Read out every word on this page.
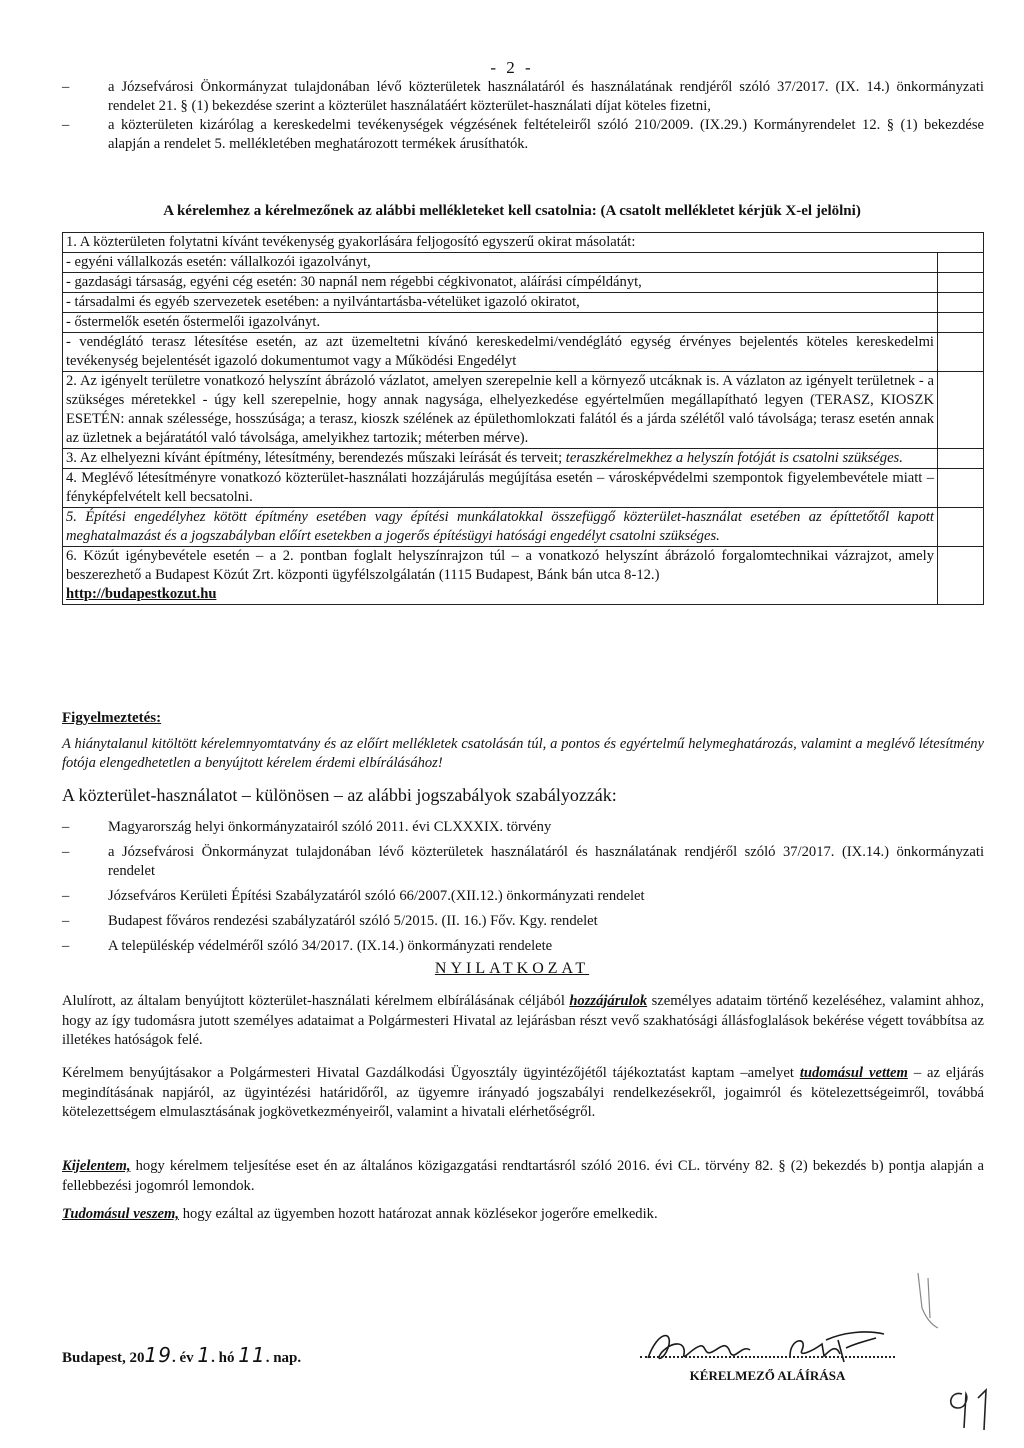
- 2 -
–	a Józsefvárosi Önkormányzat tulajdonában lévő közterületek használatáról és használatának rendjéről szóló 37/2017. (IX. 14.) önkormányzati rendelet 21. § (1) bekezdése szerint a közterület használatáért közterület-használati díjat köteles fizetni,
–	a közterületen kizárólag a kereskedelmi tevékenységek végzésének feltételeiről szóló 210/2009. (IX.29.) Kormányrendelet 12. § (1) bekezdése alapján a rendelet 5. mellékletében meghatározott termékek árusíthatók.
A kérelemhez a kérelmezőnek az alábbi mellékleteket kell csatolnia: (A csatolt mellékletet kérjük X-el jelölni)
1. A közterületen folytatni kívánt tevékenység gyakorlására feljogosító egyszerű okirat másolatát:	
- egyéni vállalkozás esetén: vállalkozói igazolványt,	
- gazdasági társaság, egyéni cég esetén: 30 napnál nem régebbi cégkivonatot, aláírási címpéldányt,	
- társadalmi és egyéb szervezetek esetében: a nyilvántartásba-vételüket igazoló okiratot,	
- őstermelők esetén őstermelői igazolványt.	
- vendéglátó terasz létesítése esetén, az azt üzemeltetni kívánó kereskedelmi/vendéglátó egység érvényes bejelentés köteles kereskedelmi tevékenység bejelentését igazoló dokumentumot vagy a Működési Engedélyt	
2. Az igényelt területre vonatkozó helyszínt ábrázoló vázlatot, amelyen szerepelnie kell a környező utcáknak is. A vázlaton az igényelt területnek - a szükséges méretekkel - úgy kell szerepelnie, hogy annak nagysága, elhelyezkedése egyértelműen megállapítható legyen (TERASZ, KIOSZK ESETÉN: annak szélessége, hosszúsága; a terasz, kioszk szélének az épülethomlokzati falától és a járda szélétől való távolsága; terasz esetén annak az üzletnek a bejáratától való távolsága, amelyikhez tartozik; méterben mérve).	
3. Az elhelyezni kívánt építmény, létesítmény, berendezés műszaki leírását és terveit; teraszkérelmekhez a helyszín fotóját is csatolni szükséges.	
4. Meglévő létesítményre vonatkozó közterület-használati hozzájárulás megújítása esetén – városképvédelmi szempontok figyelembevétele miatt – fényképfelvételt kell becsatolni.	
5. Építési engedélyhez kötött építmény esetében vagy építési munkálatokkal összefüggő közterület-használat esetében az építtetőtől kapott meghatalmazást és a jogszabályban előírt esetekben a jogerős építésügyi hatósági engedélyt csatolni szükséges.	
6. Közút igénybevétele esetén – a 2. pontban foglalt helyszínrajzon túl – a vonatkozó helyszínt ábrázoló forgalomtechnikai vázrajzot, amely beszerezhető a Budapest Közút Zrt. központi ügyfélszolgálatán (1115 Budapest, Bánk bán utca 8-12.)
http://budapestkozut.hu	
Figyelmeztetés:
A hiánytalanul kitöltött kérelemnyomtatvány és az előírt mellékletek csatolásán túl, a pontos és egyértelmű helymeghatározás, valamint a meglévő létesítmény fotója elengedhetetlen a benyújtott kérelem érdemi elbírálásához!
A közterület-használatot – különösen – az alábbi jogszabályok szabályozzák:
–	Magyarország helyi önkormányzatairól szóló 2011. évi CLXXXIX. törvény
–	a Józsefvárosi Önkormányzat tulajdonában lévő közterületek használatáról és használatának rendjéről szóló 37/2017. (IX.14.) önkormányzati rendelet
–	Józsefváros Kerületi Építési Szabályzatáról szóló 66/2007.(XII.12.) önkormányzati rendelet
–	Budapest főváros rendezési szabályzatáról szóló 5/2015. (II. 16.) Főv. Kgy. rendelet
–	A településkép védelméről szóló 34/2017. (IX.14.) önkormányzati rendelete
NYILATKOZAT
Alulírott, az általam benyújtott közterület-használati kérelmem elbírálásának céljából hozzájárulok személyes adataim történő kezeléséhez, valamint ahhoz, hogy az így tudomásra jutott személyes adataimat a Polgármesteri Hivatal az lejárásban részt vevő szakhatósági állásfoglalások bekérése végett továbbítsa az illetékes hatóságok felé.
Kérelmem benyújtásakor a Polgármesteri Hivatal Gazdálkodási Ügyosztály ügyintézőjétől tájékoztatást kaptam –amelyet tudomásul vettem – az eljárás megindításának napjáról, az ügyintézési határidőről, az ügyemre irányadó jogszabályi rendelkezésekről, jogaimról és kötelezettségeimről, továbbá kötelezettségem elmulasztásának jogkövetkezményeiről, valamint a hivatali elérhetőségről.
Kijelentem, hogy kérelmem teljesítése eset én az általános közigazgatási rendtartásról szóló 2016. évi CL. törvény 82. § (2) bekezdés b) pontja alapján a fellebbezési jogomról lemondok.
Tudomásul veszem, hogy ezáltal az ügyemben hozott határozat annak közlésekor jogerőre emelkedik.
Budapest, 2019. év 1. hó 11. nap.
KÉRELMEZŐ ALÁÍRÁSA
